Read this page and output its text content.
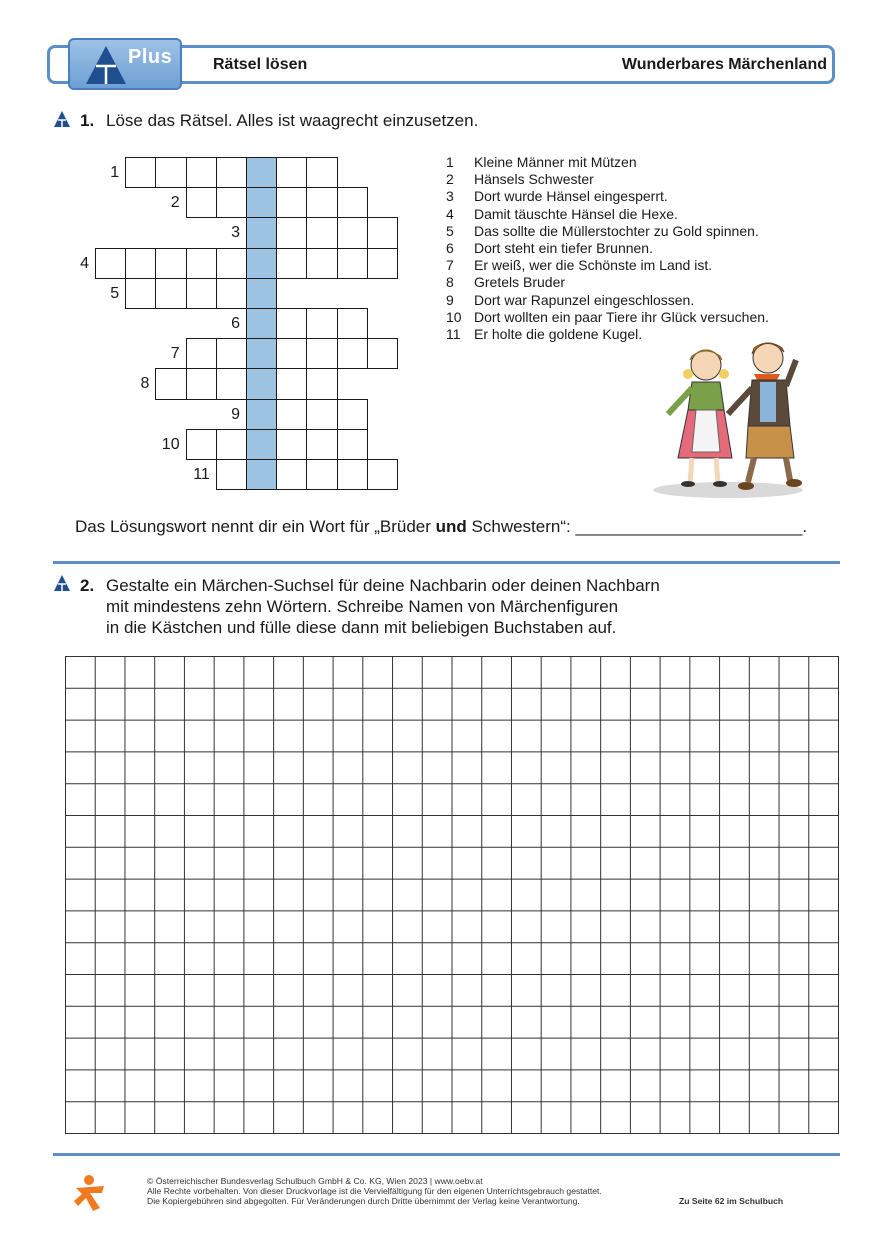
Plus	Rätsel lösen	Wunderbares Märchenland
1. Löse das Rätsel. Alles ist waagrecht einzusetzen.
1
2
3
4
5
6
7
8
9
10
11
1	Kleine Männer mit Mützen
2	Hänsels Schwester
3	Dort wurde Hänsel eingesperrt.
4	Damit täuschte Hänsel die Hexe.
5	Das sollte die Müllerstochter zu Gold spinnen.
6	Dort steht ein tiefer Brunnen.
7	Er weiß, wer die Schönste im Land ist.
8	Gretels Bruder
9	Dort war Rapunzel eingeschlossen.
10 Dort wollten ein paar Tiere ihr Glück versuchen.
11 Er holte die goldene Kugel.
Das Lösungswort nennt dir ein Wort für „Brüder und Schwestern“: ________________________.
2. Gestalte ein Märchen-Suchsel für deine Nachbarin oder deinen Nachbarn
mit mindestens zehn Wörtern. Schreibe Namen von Märchenfiguren
in die Kästchen und fülle diese dann mit beliebigen Buchstaben auf.
© Österreichischer Bundesverlag Schulbuch GmbH & Co. KG, Wien 2023 | www.oebv.at
Alle Rechte vorbehalten. Von dieser Druckvorlage ist die Vervielfältigung für den eigenen Unterrichtsgebrauch gestattet.
Die Kopiergebühren sind abgegolten. Für Veränderungen durch Dritte übernimmt der Verlag keine Verantwortung.	Zu Seite 62 im Schulbuch
